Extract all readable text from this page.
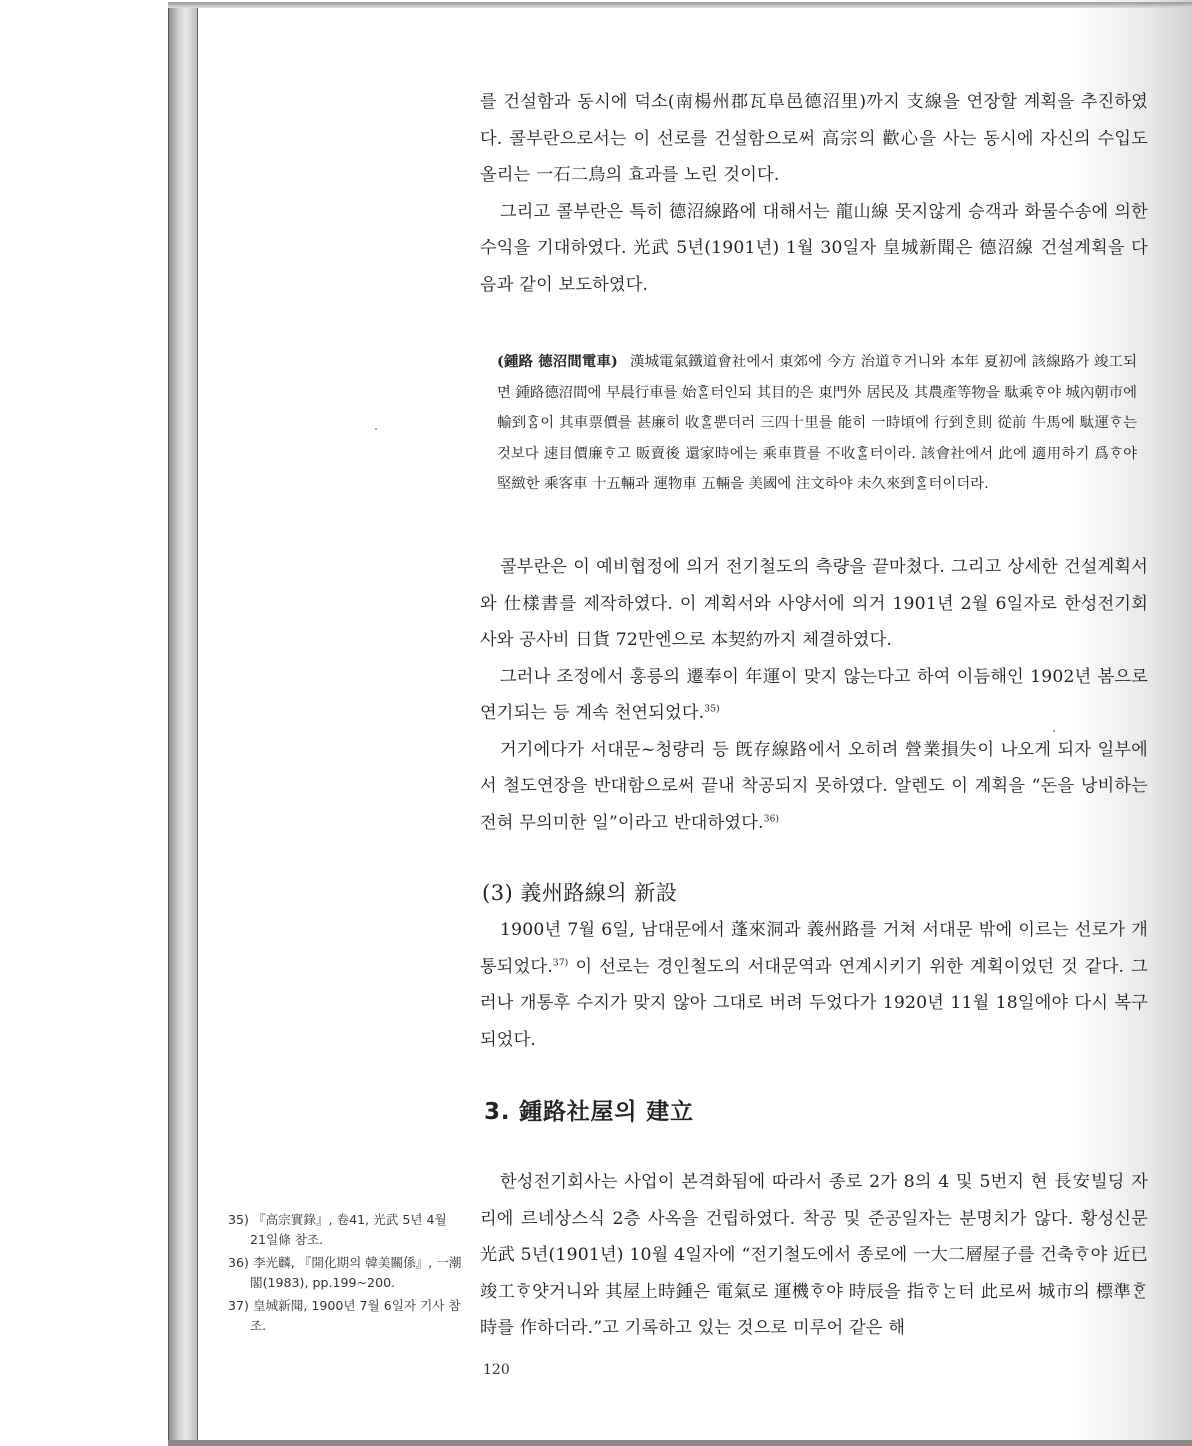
를 건설함과 동시에 덕소(南楊州郡瓦阜邑德沼里)까지 支線을 연장할 계획을 추진하였다. 콜부란으로서는 이 선로를 건설함으로써 高宗의 歡心을 사는 동시에 자신의 수입도 올리는 一石二鳥의 효과를 노린 것이다.

그리고 콜부란은 특히 德沼線路에 대해서는 龍山線 못지않게 승객과 화물수송에 의한 수익을 기대하였다. 光武 5년(1901년) 1월 30일자 皇城新聞은 德沼線 건설계획을 다음과 같이 보도하였다.

(鍾路 德沼間電車) 漢城電氣鐵道會社에서 東郊에 今方 治道ᄒᆞ거니와 本年 夏初에 該線路가 竣工되면 鍾路德沼間에 早晨行車를 始ᄒᆞᆯ터인되 其目的은 東門外 居民及 其農產等物을 駄乘ᄒᆞ야 城內朝市에 輸到ᄒᆞᆷ이 其車票價를 甚廉히 收ᄒᆞᆯ뿐더러 三四十里를 能히 一時頃에 行到ᄒᆞᆫ則 從前 牛馬에 駄運ᄒᆞ는 것보다 速目價廉ᄒᆞ고 販賣後 還家時에는 乘車貰를 不收ᄒᆞᆯ터이라. 該會社에서 此에 適用하기 爲ᄒᆞ야 堅緻한 乘客車 十五輛과 運物車 五輛을 美國에 注文하야 未久來到ᄒᆞᆯ터이더라.

콜부란은 이 예비협정에 의거 전기철도의 측량을 끝마쳤다. 그리고 상세한 건설계획서와 仕樣書를 제작하였다. 이 계획서와 사양서에 의거 1901년 2월 6일자로 한성전기회사와 공사비 日貨 72만엔으로 本契約까지 체결하였다.

그러나 조정에서 홍릉의 遷奉이 年運이 맞지 않는다고 하여 이듬해인 1902년 봄으로 연기되는 등 계속 천연되었다.$^{35)}$

거기에다가 서대문~청량리 등 旣存線路에서 오히려 營業損失이 나오게 되자 일부에서 철도연장을 반대함으로써 끝내 착공되지 못하였다. 알렌도 이 계획을 “돈을 낭비하는 전혀 무의미한 일”이라고 반대하였다.$^{36)}$

(3) 義州路線의 新設

1900년 7월 6일, 남대문에서 蓬來洞과 義州路를 거쳐 서대문 밖에 이르는 선로가 개통되었다.$^{37)}$ 이 선로는 경인철도의 서대문역과 연계시키기 위한 계획이었던 것 같다. 그러나 개통후 수지가 맞지 않아 그대로 버려 두었다가 1920년 11월 18일에야 다시 복구되었다.

3. 鍾路社屋의 建立

한성전기회사는 사업이 본격화됨에 따라서 종로 2가 8의 4 및 5번지 현 長安빌딩 자리에 르네상스식 2층 사옥을 건립하였다. 착공 및 준공일자는 분명치가 않다. 황성신문 光武 5년(1901년) 10월 4일자에 “전기철도에서 종로에 一大二層屋子를 건축ᄒᆞ야 近已竣工ᄒᆞ얏거니와 其屋上時鍾은 電氣로 運機ᄒᆞ야 時辰을 指ᄒᆞᄂᆞᆫ터 此로써 城市의 標準ᄒᆞᆫ時를 作하더라.”고 기록하고 있는 것으로 미루어 같은 해

35) 『高宗實錄』, 卷41, 光武 5년 4월 21일條 참조.

36) 李光麟, 『開化期의 韓美關係』, 一潮閣(1983), pp.199~200.

37) 皇城新聞, 1900년 7월 6일자 기사 참조.

120
